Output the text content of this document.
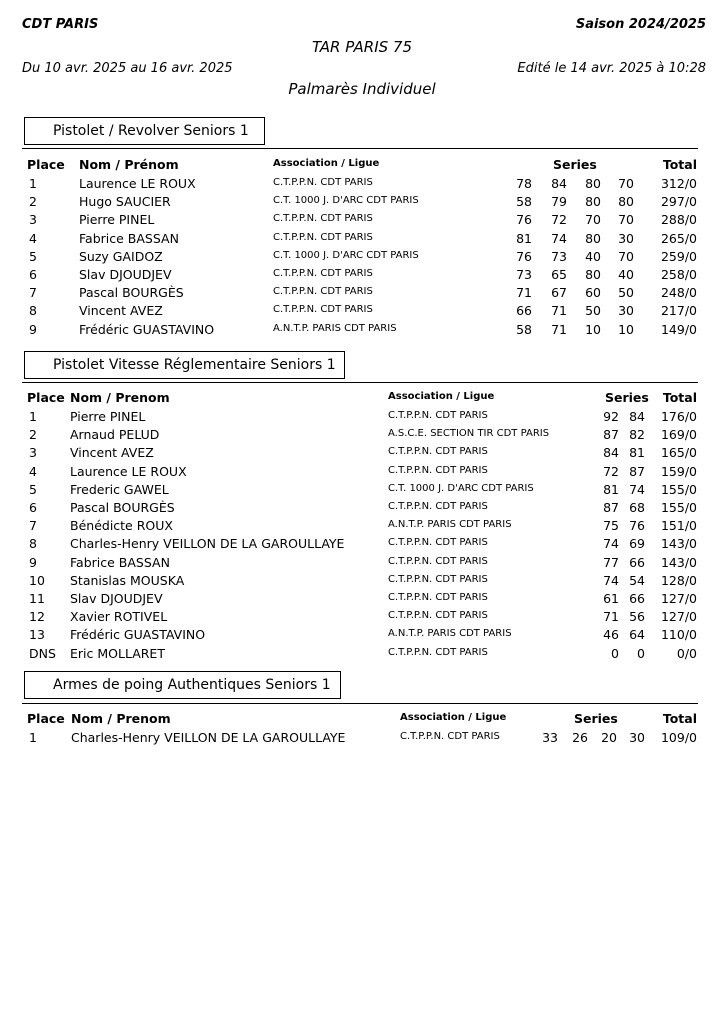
CDT PARIS	Saison 2024/2025
TAR PARIS 75
Du 10 avr. 2025 au 16 avr. 2025	Edité le 14 avr. 2025 à 10:28
Palmarès Individuel
Pistolet / Revolver Seniors 1
Place Nom / Prénom	Association / Ligue	Series	Total
1	Laurence LE ROUX	C.T.P.P.N. CDT PARIS	78	84	80	70	312/0
2	Hugo SAUCIER	C.T. 1000 J. D'ARC CDT PARIS	58	79	80	80	297/0
3	Pierre PINEL	C.T.P.P.N. CDT PARIS	76	72	70	70	288/0
4	Fabrice BASSAN	C.T.P.P.N. CDT PARIS	81	74	80	30	265/0
5	Suzy GAIDOZ	C.T. 1000 J. D'ARC CDT PARIS	76	73	40	70	259/0
6	Slav DJOUDJEV	C.T.P.P.N. CDT PARIS	73	65	80	40	258/0
7	Pascal BOURGÈS	C.T.P.P.N. CDT PARIS	71	67	60	50	248/0
8	Vincent AVEZ	C.T.P.P.N. CDT PARIS	66	71	50	30	217/0
9	Frédéric GUASTAVINO	A.N.T.P. PARIS CDT PARIS	58	71	10	10	149/0
Pistolet Vitesse Réglementaire Seniors 1
Place Nom / Prenom	Association / Ligue	Series	Total
1	Pierre PINEL	C.T.P.P.N. CDT PARIS	92 84	176/0
2	Arnaud PELUD	A.S.C.E. SECTION TIR CDT PARIS	87 82	169/0
3	Vincent AVEZ	C.T.P.P.N. CDT PARIS	84 81	165/0
4	Laurence LE ROUX	C.T.P.P.N. CDT PARIS	72 87	159/0
5	Frederic GAWEL	C.T. 1000 J. D'ARC CDT PARIS	81 74	155/0
6	Pascal BOURGÈS	C.T.P.P.N. CDT PARIS	87 68	155/0
7	Bénédicte ROUX	A.N.T.P. PARIS CDT PARIS	75 76	151/0
8	Charles-Henry VEILLON DE LA GAROULLAYE	C.T.P.P.N. CDT PARIS	74 69	143/0
9	Fabrice BASSAN	C.T.P.P.N. CDT PARIS	77 66	143/0
10 Stanislas MOUSKA	C.T.P.P.N. CDT PARIS	74 54	128/0
11 Slav DJOUDJEV	C.T.P.P.N. CDT PARIS	61 66	127/0
12 Xavier ROTIVEL	C.T.P.P.N. CDT PARIS	71 56	127/0
13 Frédéric GUASTAVINO	A.N.T.P. PARIS CDT PARIS	46 64	110/0
DNS Eric MOLLARET	C.T.P.P.N. CDT PARIS	0	0	0/0
Armes de poing Authentiques Seniors 1
Place Nom / Prenom	Association / Ligue	Series	Total
1	Charles-Henry VEILLON DE LA GAROULLAYE	C.T.P.P.N. CDT PARIS	33	26	20 30	109/0
